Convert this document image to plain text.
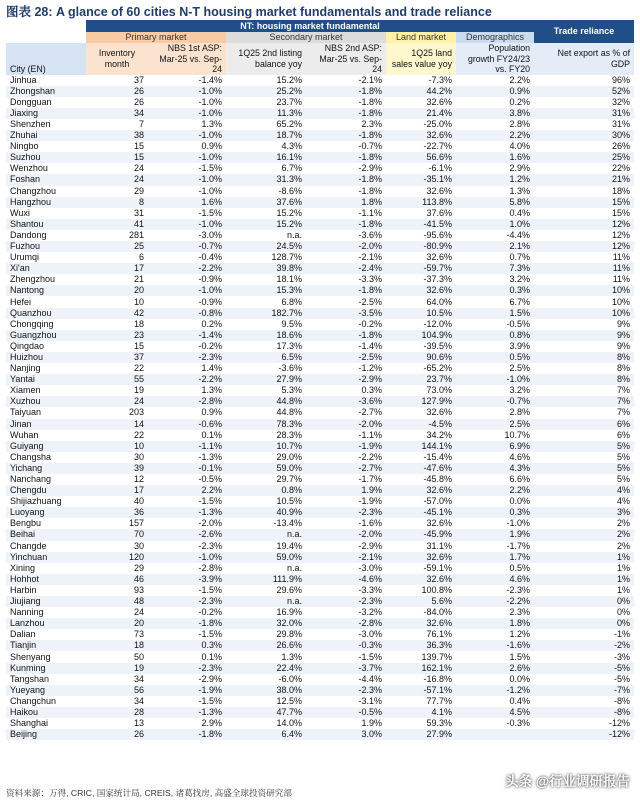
图表 28: A glance of 60 cities N-T housing market fundamentals and trade reliance
	NT: housing market fundamental						Trade reliance
	Primary market		Secondary market		Land market	Demographics	
City (EN)	Inventory month	NBS 1st ASP: Mar-25 vs. Sep-24	1Q25 2nd listing balance yoy	NBS 2nd ASP: Mar-25 vs. Sep-24	1Q25 land sales value yoy	Population growth FY24/23 vs. FY20	Net export as % of GDP
Jinhua	37	-1.4%	15.2%	-2.1%	-7.3%	2.2%	96%
Zhongshan	26	-1.0%	25.2%	-1.8%	44.2%	0.9%	52%
Dongguan	26	-1.0%	23.7%	-1.8%	32.6%	0.2%	32%
Jiaxing	34	-1.0%	11.3%	-1.8%	21.4%	3.8%	31%
Shenzhen	7	1.3%	65.2%	2.3%	-25.0%	2.8%	31%
Zhuhai	38	-1.0%	18.7%	-1.8%	32.6%	2.2%	30%
Ningbo	15	0.9%	4.3%	-0.7%	-22.7%	4.0%	26%
Suzhou	15	-1.0%	16.1%	-1.8%	56.6%	1.6%	25%
Wenzhou	24	-1.5%	6.7%	-2.9%	-6.1%	2.9%	22%
Foshan	24	-1.0%	31.3%	-1.8%	-35.1%	1.2%	21%
Changzhou	29	-1.0%	-8.6%	-1.8%	32.6%	1.3%	18%
Hangzhou	8	1.6%	37.6%	1.8%	113.8%	5.8%	15%
Wuxi	31	-1.5%	15.2%	-1.1%	37.6%	0.4%	15%
Shantou	41	-1.0%	15.2%	-1.8%	-41.5%	1.0%	12%
Dandong	281	-3.0%	n.a.	-3.6%	-95.6%	-4.4%	12%
Fuzhou	25	-0.7%	24.5%	-2.0%	-80.9%	2.1%	12%
Urumqi	6	-0.4%	128.7%	-2.1%	32.6%	0.7%	11%
Xi'an	17	-2.2%	39.8%	-2.4%	-59.7%	7.3%	11%
Zhengzhou	21	-0.9%	18.1%	-3.3%	-37.3%	3.2%	11%
Nantong	20	-1.0%	15.3%	-1.8%	32.6%	0.3%	10%
Hefei	10	-0.9%	6.8%	-2.5%	64.0%	6.7%	10%
Quanzhou	42	-0.8%	182.7%	-3.5%	10.5%	1.5%	10%
Chongqing	18	0.2%	9.5%	-0.2%	-12.0%	-0.5%	9%
Guangzhou	23	-1.4%	18.6%	-1.8%	104.9%	0.8%	9%
Qingdao	15	-0.2%	17.3%	-1.4%	-39.5%	3.9%	9%
Huizhou	37	-2.3%	6.5%	-2.5%	90.6%	0.5%	8%
Nanjing	22	1.4%	-3.6%	-1.2%	-65.2%	2.5%	8%
Yantai	55	-2.2%	27.9%	-2.9%	23.7%	-1.0%	8%
Xiamen	19	1.3%	5.3%	0.3%	73.0%	3.2%	7%
Xuzhou	24	-2.8%	44.8%	-3.6%	127.9%	-0.7%	7%
Taiyuan	203	0.9%	44.8%	-2.7%	32.6%	2.8%	7%
Jinan	14	-0.6%	78.3%	-2.0%	-4.5%	2.5%	6%
Wuhan	22	0.1%	28.3%	-1.1%	34.2%	10.7%	6%
Guiyang	10	-1.1%	10.7%	-1.9%	144.1%	6.9%	5%
Changsha	30	-1.3%	29.0%	-2.2%	-15.4%	4.6%	5%
Yichang	39	-0.1%	59.0%	-2.7%	-47.6%	4.3%	5%
Nanchang	12	-0.5%	29.7%	-1.7%	-45.8%	6.6%	5%
Chengdu	17	2.2%	0.8%	1.9%	32.6%	2.2%	4%
Shijiazhuang	40	-1.5%	10.5%	-1.9%	-57.0%	0.0%	4%
Luoyang	36	-1.3%	40.9%	-2.3%	-45.1%	0.3%	3%
Bengbu	157	-2.0%	-13.4%	-1.6%	32.6%	-1.0%	2%
Beihai	70	-2.6%	n.a.	-2.0%	-45.9%	1.9%	2%
Changde	30	-2.3%	19.4%	-2.9%	31.1%	-1.7%	2%
Yinchuan	120	-1.0%	59.0%	-2.1%	32.6%	1.7%	1%
Xining	29	-2.8%	n.a.	-3.0%	-59.1%	0.5%	1%
Hohhot	46	-3.9%	111.9%	-4.6%	32.6%	4.6%	1%
Harbin	93	-1.5%	29.6%	-3.3%	100.8%	-2.3%	1%
Jiujiang	48	-2.3%	n.a.	-2.3%	5.6%	-2.2%	0%
Nanning	24	-0.2%	16.9%	-3.2%	-84.0%	2.3%	0%
Lanzhou	20	-1.8%	32.0%	-2.8%	32.6%	1.8%	0%
Dalian	73	-1.5%	29.8%	-3.0%	76.1%	1.2%	-1%
Tianjin	18	0.3%	26.6%	-0.3%	36.3%	-1.6%	-2%
Shenyang	50	0.1%	1.3%	-1.5%	139.7%	1.5%	-3%
Kunming	19	-2.3%	22.4%	-3.7%	162.1%	2.6%	-5%
Tangshan	34	-2.9%	-6.0%	-4.4%	-16.8%	0.0%	-5%
Yueyang	56	-1.9%	38.0%	-2.3%	-57.1%	-1.2%	-7%
Changchun	34	-1.5%	12.5%	-3.1%	77.7%	0.4%	-8%
Haikou	28	-1.3%	47.7%	-0.5%	4.1%	4.5%	-8%
Shanghai	13	2.9%	14.0%	1.9%	59.3%	-0.3%	-12%
Beijing	26	-1.8%	6.4%	3.0%	27.9%		-12%
资料来源：万得, CRIC, 国家统计局, CREIS, 诸葛找房, 高盛全球投资研究部
头条 @行业调研报告
